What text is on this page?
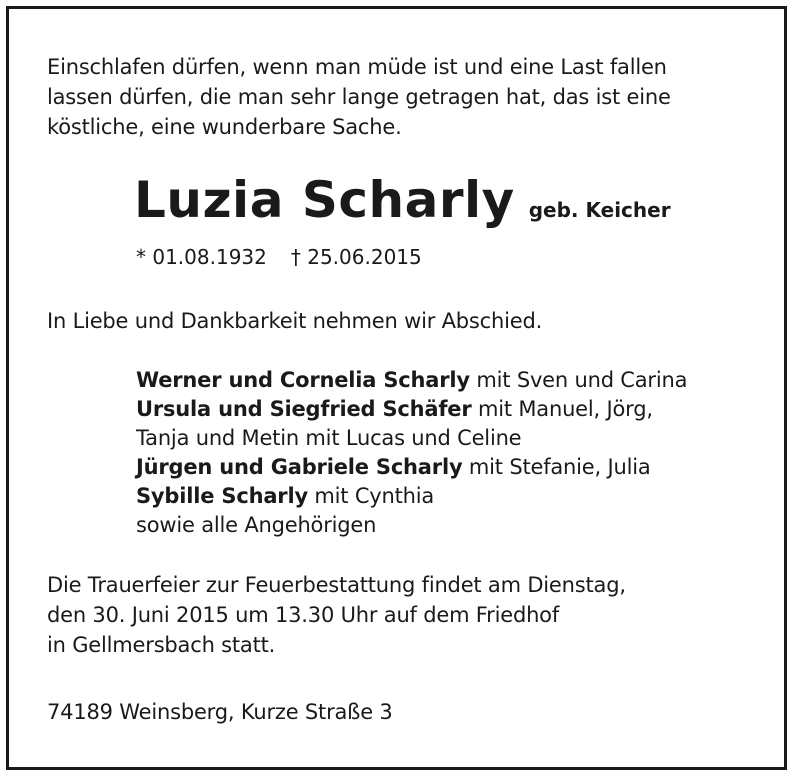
Einschlafen dürfen, wenn man müde ist und eine Last fallen
lassen dürfen, die man sehr lange getragen hat, das ist eine
köstliche, eine wunderbare Sache.
Luzia Scharly geb. Keicher
* 01.08.1932 † 25.06.2015
In Liebe und Dankbarkeit nehmen wir Abschied.
Werner und Cornelia Scharly mit Sven und Carina
Ursula und Siegfried Schäfer mit Manuel, Jörg,
Tanja und Metin mit Lucas und Celine
Jürgen und Gabriele Scharly mit Stefanie, Julia
Sybille Scharly mit Cynthia
sowie alle Angehörigen
Die Trauerfeier zur Feuerbestattung findet am Dienstag,
den 30. Juni 2015 um 13.30 Uhr auf dem Friedhof
in Gellmersbach statt.
74189 Weinsberg, Kurze Straße 3
